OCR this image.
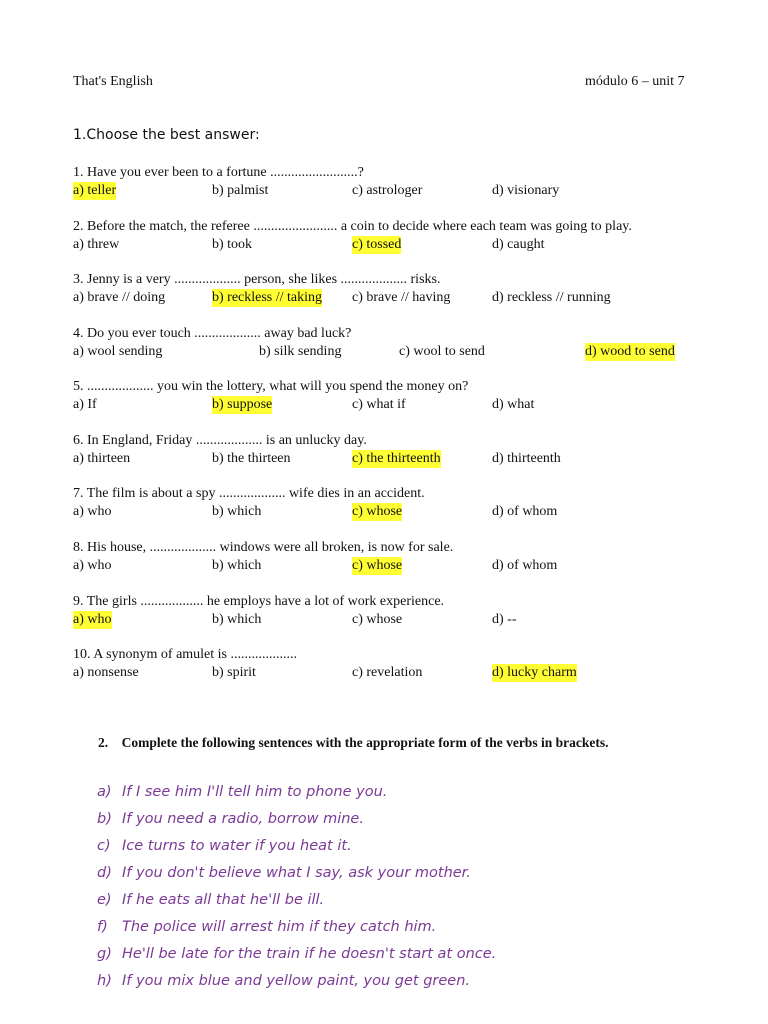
That's English	módulo 6 – unit 7
1.Choose the best answer:
1. Have you ever been to a fortune .........................?
a) teller	b) palmist	c) astrologer	d) visionary
2. Before the match, the referee ........................ a coin to decide where each team was going to play.
a) threw	b) took	c) tossed	d) caught
3. Jenny is a very ................... person, she likes ................... risks.
a) brave // doing	b) reckless // taking c) brave // having	d) reckless // running
4. Do you ever touch ................... away bad luck?
a) wool sending	b) silk sending	c) wool to send	d) wood to send
5. ................... you win the lottery, what will you spend the money on?
a) If	b) suppose	c) what if	d) what
6. In England, Friday ................... is an unlucky day.
a) thirteen	b) the thirteen	c) the thirteenth	d) thirteenth
7. The film is about a spy ................... wife dies in an accident.
a) who	b) which	c) whose	d) of whom
8. His house, ................... windows were all broken, is now for sale.
a) who	b) which	c) whose	d) of whom
9. The girls .................. he employs have a lot of work experience.
a) who	b) which	c) whose	d) --
10. A synonym of amulet is ...................
a) nonsense	b) spirit	c) revelation	d) lucky charm
2. Complete the following sentences with the appropriate form of the verbs in brackets.
a) If I see him I'll tell him to phone you.
b) If you need a radio, borrow mine.
c) Ice turns to water if you heat it.
d) If you don't believe what I say, ask your mother.
e) If he eats all that he'll be ill.
f) The police will arrest him if they catch him.
g) He'll be late for the train if he doesn't start at once.
h) If you mix blue and yellow paint, you get green.
